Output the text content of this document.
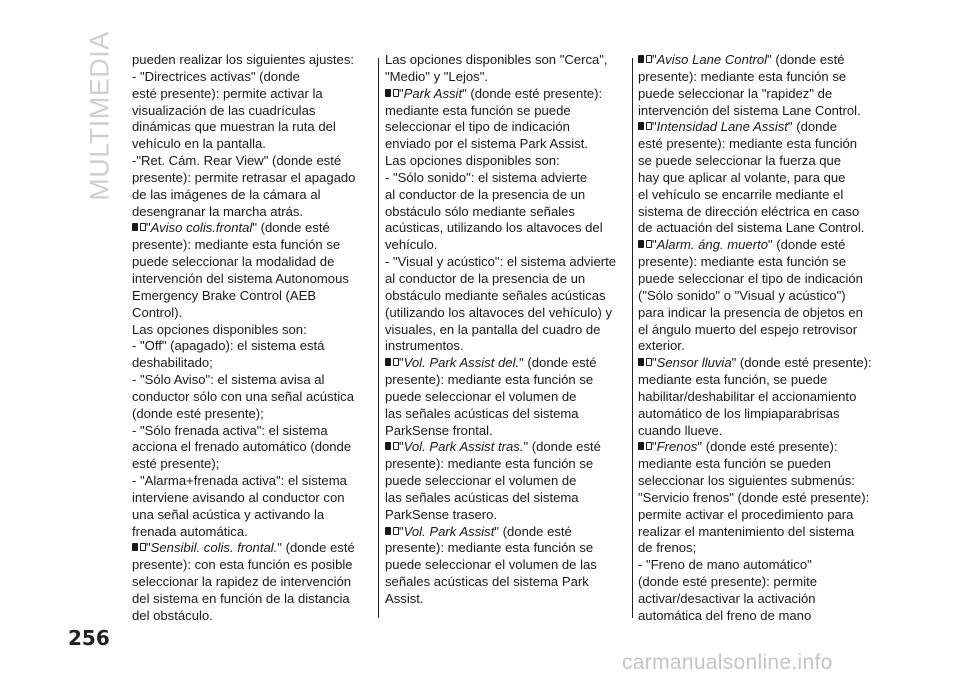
MULTIMEDIA pueden realizar los siguientes ajustes:
- "Directrices activas" (donde
esté presente): permite activar la
visualización de las cuadrículas
dinámicas que muestran la ruta del
vehículo en la pantalla.
-"Ret. Cám. Rear View" (donde esté
presente): permite retrasar el apagado
de las imágenes de la cámara al
desengranar la marcha atrás.
"Aviso colis.frontal" (donde esté
presente): mediante esta función se
puede seleccionar la modalidad de
intervención del sistema Autonomous
Emergency Brake Control (AEB
Control).
Las opciones disponibles son:
- "Off" (apagado): el sistema está
deshabilitado;
- "Sólo Aviso": el sistema avisa al
conductor sólo con una señal acústica
(donde esté presente);
- "Sólo frenada activa": el sistema
acciona el frenado automático (donde
esté presente);
- "Alarma+frenada activa": el sistema
interviene avisando al conductor con
una señal acústica y activando la
frenada automática.
"Sensibil. colis. frontal." (donde esté
presente): con esta función es posible
seleccionar la rapidez de intervención
del sistema en función de la distancia
del obstáculo.
Las opciones disponibles son "Cerca",
"Medio" y "Lejos".
"Park Assit" (donde esté presente):
mediante esta función se puede
seleccionar el tipo de indicación
enviado por el sistema Park Assist.
Las opciones disponibles son:
- "Sólo sonido": el sistema advierte
al conductor de la presencia de un
obstáculo sólo mediante señales
acústicas, utilizando los altavoces del
vehículo.
- "Visual y acústico": el sistema advierte
al conductor de la presencia de un
obstáculo mediante señales acústicas
(utilizando los altavoces del vehículo) y
visuales, en la pantalla del cuadro de
instrumentos.
"Vol. Park Assist del." (donde esté
presente): mediante esta función se
puede seleccionar el volumen de
las señales acústicas del sistema
ParkSense frontal.
"Vol. Park Assist tras." (donde esté
presente): mediante esta función se
puede seleccionar el volumen de
las señales acústicas del sistema
ParkSense trasero.
"Vol. Park Assist" (donde esté
presente): mediante esta función se
puede seleccionar el volumen de las
señales acústicas del sistema Park
Assist.
"Aviso Lane Control" (donde esté
presente): mediante esta función se
puede seleccionar la "rapidez" de
intervención del sistema Lane Control.
"Intensidad Lane Assist" (donde
esté presente): mediante esta función
se puede seleccionar la fuerza que
hay que aplicar al volante, para que
el vehículo se encarrile mediante el
sistema de dirección eléctrica en caso
de actuación del sistema Lane Control.
"Alarm. áng. muerto" (donde esté
presente): mediante esta función se
puede seleccionar el tipo de indicación
("Sólo sonido" o "Visual y acústico")
para indicar la presencia de objetos en
el ángulo muerto del espejo retrovisor
exterior.
"Sensor lluvia" (donde esté presente):
mediante esta función, se puede
habilitar/deshabilitar el accionamiento
automático de los limpiaparabrisas
cuando llueve.
"Frenos" (donde esté presente):
mediante esta función se pueden
seleccionar los siguientes submenús:
"Servicio frenos" (donde esté presente):
permite activar el procedimiento para
realizar el mantenimiento del sistema
de frenos;
- "Freno de mano automático"
(donde esté presente): permite
activar/desactivar la activación
automática del freno de mano
256
carmanualsonline.info
